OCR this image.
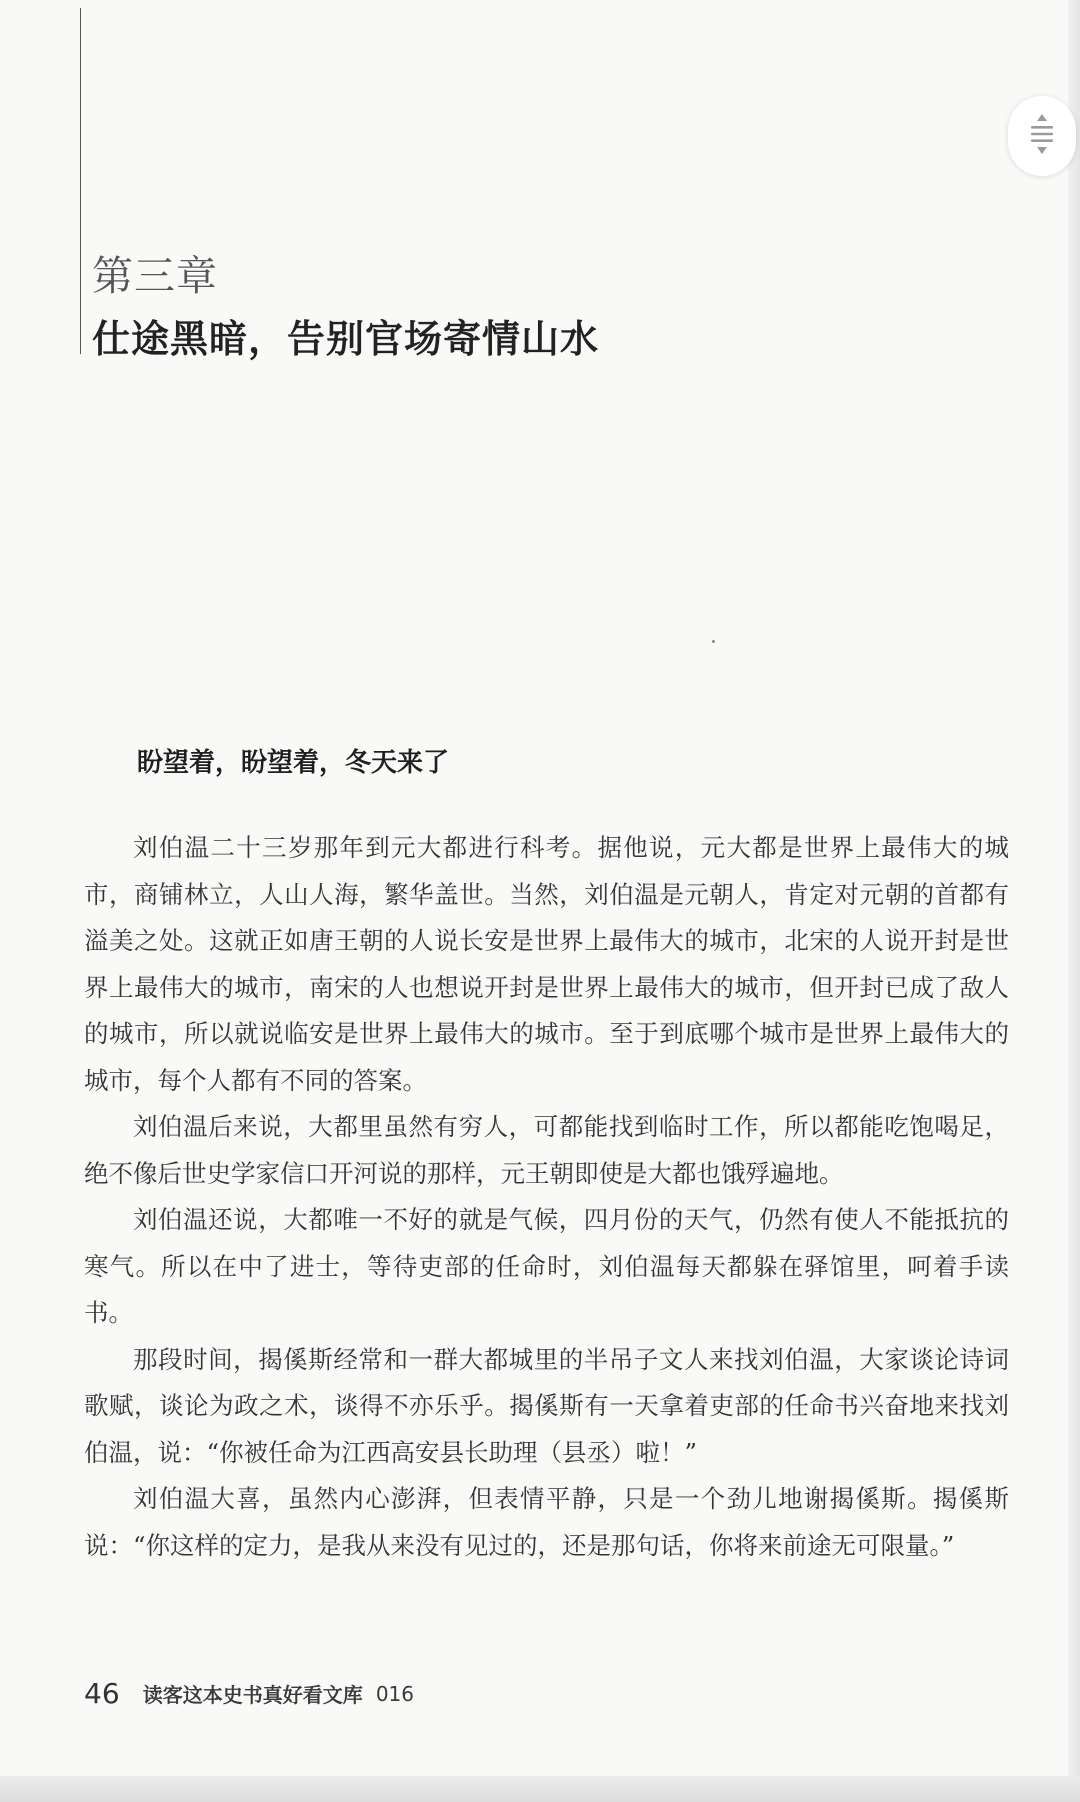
第三章
仕途黑暗，告别官场寄情山水
盼望着，盼望着，冬天来了

刘伯温二十三岁那年到元大都进行科考。据他说，元大都是世界上最伟大的城市，商铺林立，人山人海，繁华盖世。当然，刘伯温是元朝人，肯定对元朝的首都有溢美之处。这就正如唐王朝的人说长安是世界上最伟大的城市，北宋的人说开封是世界上最伟大的城市，南宋的人也想说开封是世界上最伟大的城市，但开封已成了敌人的城市，所以就说临安是世界上最伟大的城市。至于到底哪个城市是世界上最伟大的城市，每个人都有不同的答案。

刘伯温后来说，大都里虽然有穷人，可都能找到临时工作，所以都能吃饱喝足，绝不像后世史学家信口开河说的那样，元王朝即使是大都也饿殍遍地。

刘伯温还说，大都唯一不好的就是气候，四月份的天气，仍然有使人不能抵抗的寒气。所以在中了进士，等待吏部的任命时，刘伯温每天都躲在驿馆里，呵着手读书。

那段时间，揭傒斯经常和一群大都城里的半吊子文人来找刘伯温，大家谈论诗词歌赋，谈论为政之术，谈得不亦乐乎。揭傒斯有一天拿着吏部的任命书兴奋地来找刘伯温，说：“你被任命为江西高安县长助理（县丞）啦！”

刘伯温大喜，虽然内心澎湃，但表情平静，只是一个劲儿地谢揭傒斯。揭傒斯说：“你这样的定力，是我从来没有见过的，还是那句话，你将来前途无可限量。”

46 读客这本史书真好看文库 016
